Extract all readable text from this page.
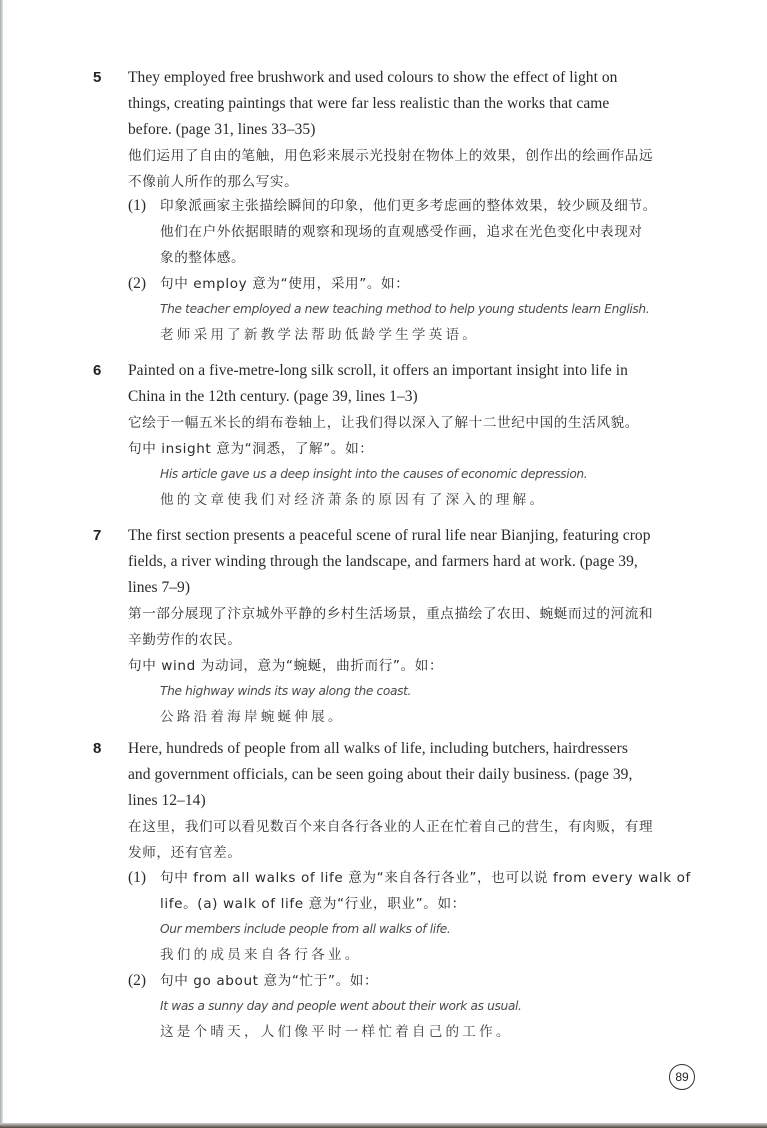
5 They employed free brushwork and used colours to show the effect of light on
things, creating paintings that were far less realistic than the works that came
before. (page 31, lines 33–35)
他们运用了自由的笔触，用色彩来展示光投射在物体上的效果，创作出的绘画作品远
不像前人所作的那么写实。
(1) 印象派画家主张描绘瞬间的印象，他们更多考虑画的整体效果，较少顾及细节。
他们在户外依据眼睛的观察和现场的直观感受作画，追求在光色变化中表现对
象的整体感。
(2) 句中 employ 意为“使用，采用”。如：
The teacher employed a new teaching method to help young students learn English.
老师采用了新教学法帮助低龄学生学英语。
6 Painted on a five-metre-long silk scroll, it offers an important insight into life in
China in the 12th century. (page 39, lines 1–3)
它绘于一幅五米长的绢布卷轴上，让我们得以深入了解十二世纪中国的生活风貌。
句中 insight 意为“洞悉，了解”。如：
His article gave us a deep insight into the causes of economic depression.
他的文章使我们对经济萧条的原因有了深入的理解。
7 The first section presents a peaceful scene of rural life near Bianjing, featuring crop
fields, a river winding through the landscape, and farmers hard at work. (page 39,
lines 7–9)
第一部分展现了汴京城外平静的乡村生活场景，重点描绘了农田、蜿蜒而过的河流和
辛勤劳作的农民。
句中 wind 为动词，意为“蜿蜒，曲折而行”。如：
The highway winds its way along the coast.
公路沿着海岸蜿蜒伸展。
8 Here, hundreds of people from all walks of life, including butchers, hairdressers
and government officials, can be seen going about their daily business. (page 39,
lines 12–14)
在这里，我们可以看见数百个来自各行各业的人正在忙着自己的营生，有肉贩，有理
发师，还有官差。
(1) 句中 from all walks of life 意为“来自各行各业”，也可以说 from every walk of
life。(a) walk of life 意为“行业，职业”。如：
Our members include people from all walks of life.
我们的成员来自各行各业。
(2) 句中 go about 意为“忙于”。如：
It was a sunny day and people went about their work as usual.
这是个晴天，人们像平时一样忙着自己的工作。
89
